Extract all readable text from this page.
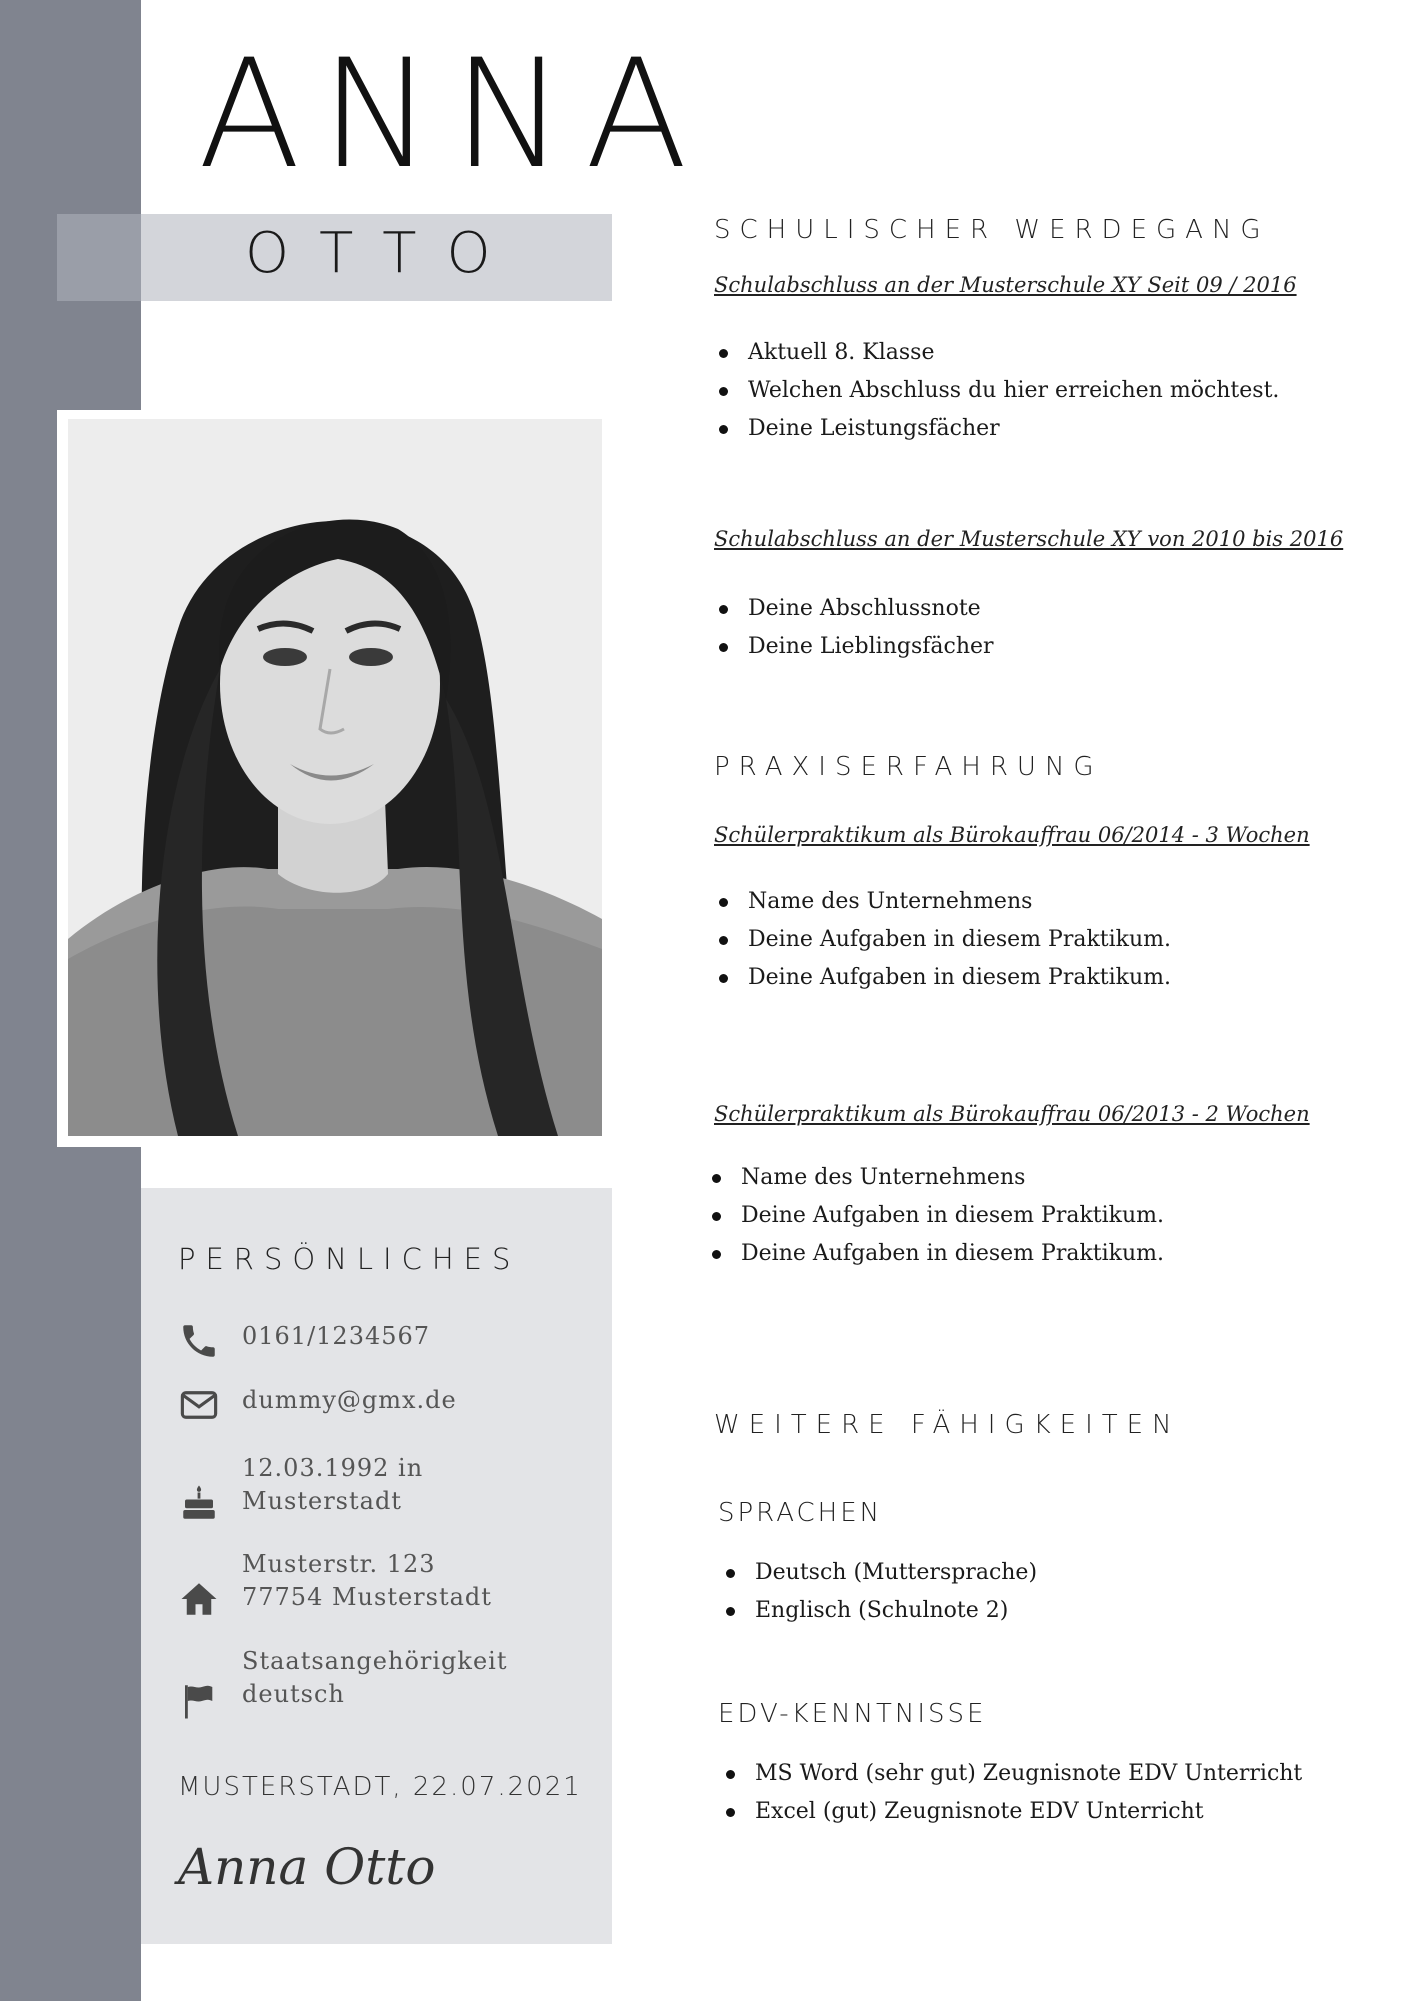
ANNA
OTTO
PERSÖNLICHES
0161/1234567
dummy@gmx.de
12.03.1992 in
Musterstadt
Musterstr. 123
77754 Musterstadt
Staatsangehörigkeit
deutsch
MUSTERSTADT, 22.07.2021
Anna Otto
SCHULISCHER WERDEGANG

Schulabschluss an der Musterschule XY Seit 09 / 2016

Aktuell 8. Klasse
Welchen Abschluss du hier erreichen möchtest.
Deine Leistungsfächer

Schulabschluss an der Musterschule XY von 2010 bis 2016

Deine Abschlussnote
Deine Lieblingsfächer
PRAXISERFAHRUNG

Schülerpraktikum als Bürokauffrau 06/2014 - 3 Wochen

Name des Unternehmens
Deine Aufgaben in diesem Praktikum.
Deine Aufgaben in diesem Praktikum.

Schülerpraktikum als Bürokauffrau 06/2013 - 2 Wochen

Name des Unternehmens
Deine Aufgaben in diesem Praktikum.
Deine Aufgaben in diesem Praktikum.
WEITERE FÄHIGKEITEN
SPRACHEN
Deutsch (Muttersprache)
Englisch (Schulnote 2)
EDV-KENNTNISSE
MS Word (sehr gut) Zeugnisnote EDV Unterricht
Excel (gut) Zeugnisnote EDV Unterricht
